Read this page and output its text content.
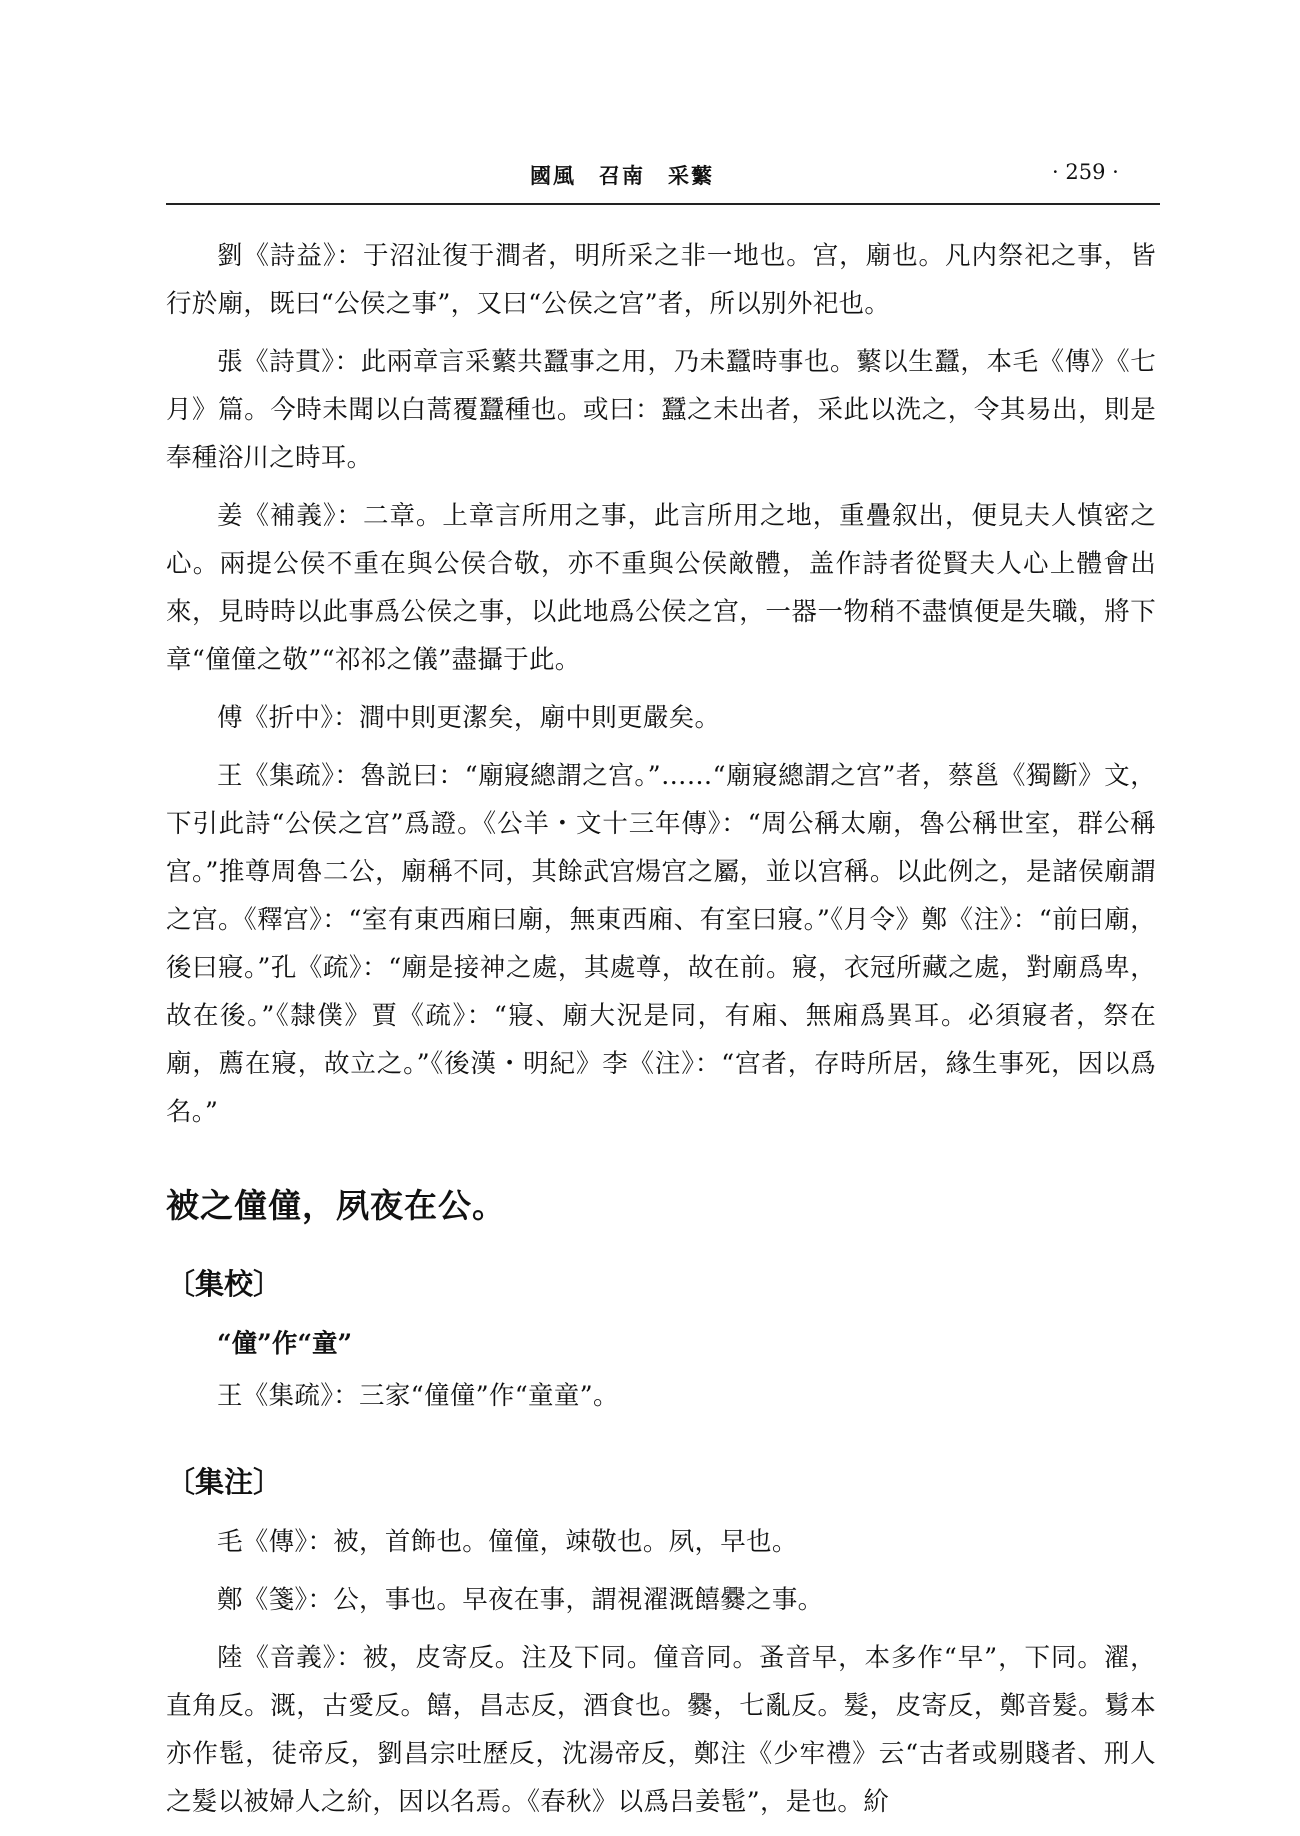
國風　召南　采蘩	· 259 ·

劉《詩益》：于沼沚復于澗者，明所采之非一地也。宫，廟也。凡内祭祀之事，皆行於廟，既曰“公侯之事”，又曰“公侯之宫”者，所以别外祀也。

張《詩貫》：此兩章言采蘩共蠶事之用，乃未蠶時事也。蘩以生蠶，本毛《傳》《七月》篇。今時未聞以白蒿覆蠶種也。或曰：蠶之未出者，采此以洗之，令其易出，則是奉種浴川之時耳。

姜《補義》：二章。上章言所用之事，此言所用之地，重疊叙出，便見夫人慎密之心。兩提公侯不重在與公侯合敬，亦不重與公侯敵體，盖作詩者從賢夫人心上體會出來，見時時以此事爲公侯之事，以此地爲公侯之宫，一器一物稍不盡慎便是失職，將下章“僮僮之敬”“祁祁之儀”盡攝于此。

傅《折中》：澗中則更潔矣，廟中則更嚴矣。

王《集疏》：魯説曰：“廟寢總謂之宫。”……“廟寢總謂之宫”者，蔡邕《獨斷》文，下引此詩“公侯之宫”爲證。《公羊・文十三年傳》：“周公稱太廟，魯公稱世室，群公稱宫。”推尊周魯二公，廟稱不同，其餘武宫煬宫之屬，並以宫稱。以此例之，是諸侯廟謂之宫。《釋宫》：“室有東西廂曰廟，無東西廂、有室曰寢。”《月令》鄭《注》：“前曰廟，後曰寢。”孔《疏》：“廟是接神之處，其處尊，故在前。寢，衣冠所藏之處，對廟爲卑，故在後。”《隸僕》賈《疏》：“寢、廟大況是同，有廂、無廂爲異耳。必須寢者，祭在廟，薦在寢，故立之。”《後漢・明紀》李《注》：“宫者，存時所居，緣生事死，因以爲名。”

被之僮僮，夙夜在公。
〔集校〕
“僮”作“童”

王《集疏》：三家“僮僮”作“童童”。

〔集注〕

毛《傳》：被，首飾也。僮僮，竦敬也。夙，早也。

鄭《箋》：公，事也。早夜在事，謂視濯溉饎爨之事。

陸《音義》：被，皮寄反。注及下同。僮音同。蚤音早，本多作“早”，下同。濯，直角反。溉，古愛反。饎，昌志反，酒食也。爨，七亂反。髮，皮寄反，鄭音髮。鬄本亦作髢，徒帝反，劉昌宗吐歷反，沈湯帝反，鄭注《少牢禮》云“古者或剔賤者、刑人之髮以被婦人之紒，因以名焉。《春秋》以爲吕姜髢”，是也。紒
